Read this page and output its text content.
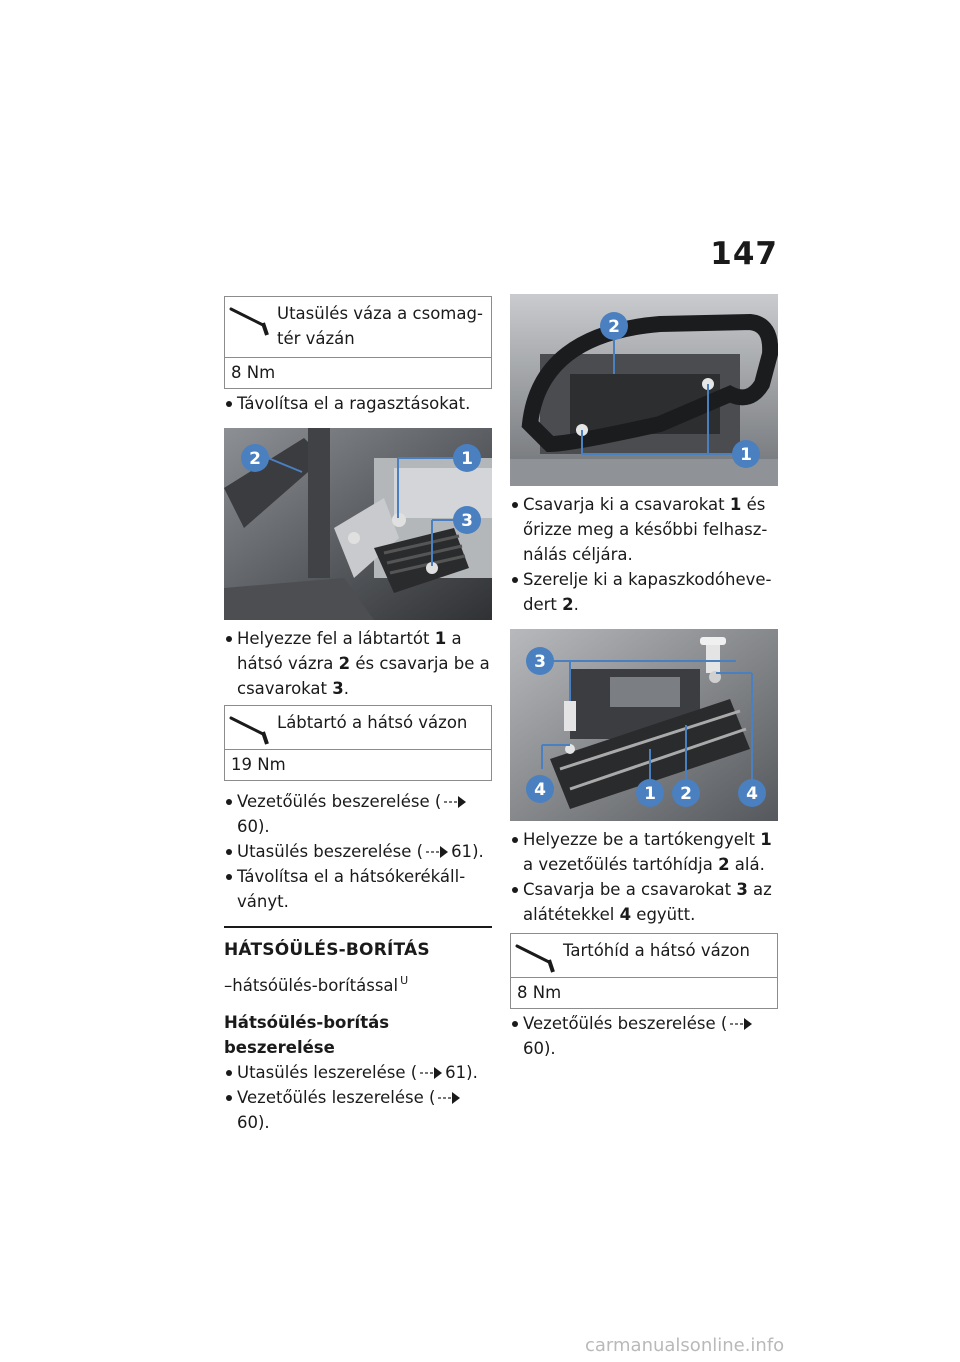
147
Utasülés váza a csomag-tér vázán
8 Nm
Távolítsa el a ragasztásokat.
2	1
3
Helyezze fel a lábtartót 1 a hátsó vázra 2 és csavarja be a csavarokat 3.
Lábtartó a hátsó vázon
19 Nm
Vezetőülés beszerelése (60).
Utasülés beszerelése ( 61).
Távolítsa el a hátsókerékáll-ványt.
HÁTSÓÜLÉS-BORÍTÁS
–hátsóülés-borítással $^U$
Hátsóülés-borítás beszerelése
Utasülés leszerelése ( 61).
Vezetőülés leszerelése (60).
2
1
Csavarja ki a csavarokat 1 és őrizze meg a későbbi felhasz-nálás céljára.
Szerelje ki a kapaszkodóheve-dert 2.
3
4	1 2	4
Helyezze be a tartókengyelt 1 a vezetőülés tartóhídja 2 alá.
Csavarja be a csavarokat 3 az alátétekkel 4 együtt.
Tartóhíd a hátsó vázon
8 Nm
Vezetőülés beszerelése (60).
carmanualsonline.info
